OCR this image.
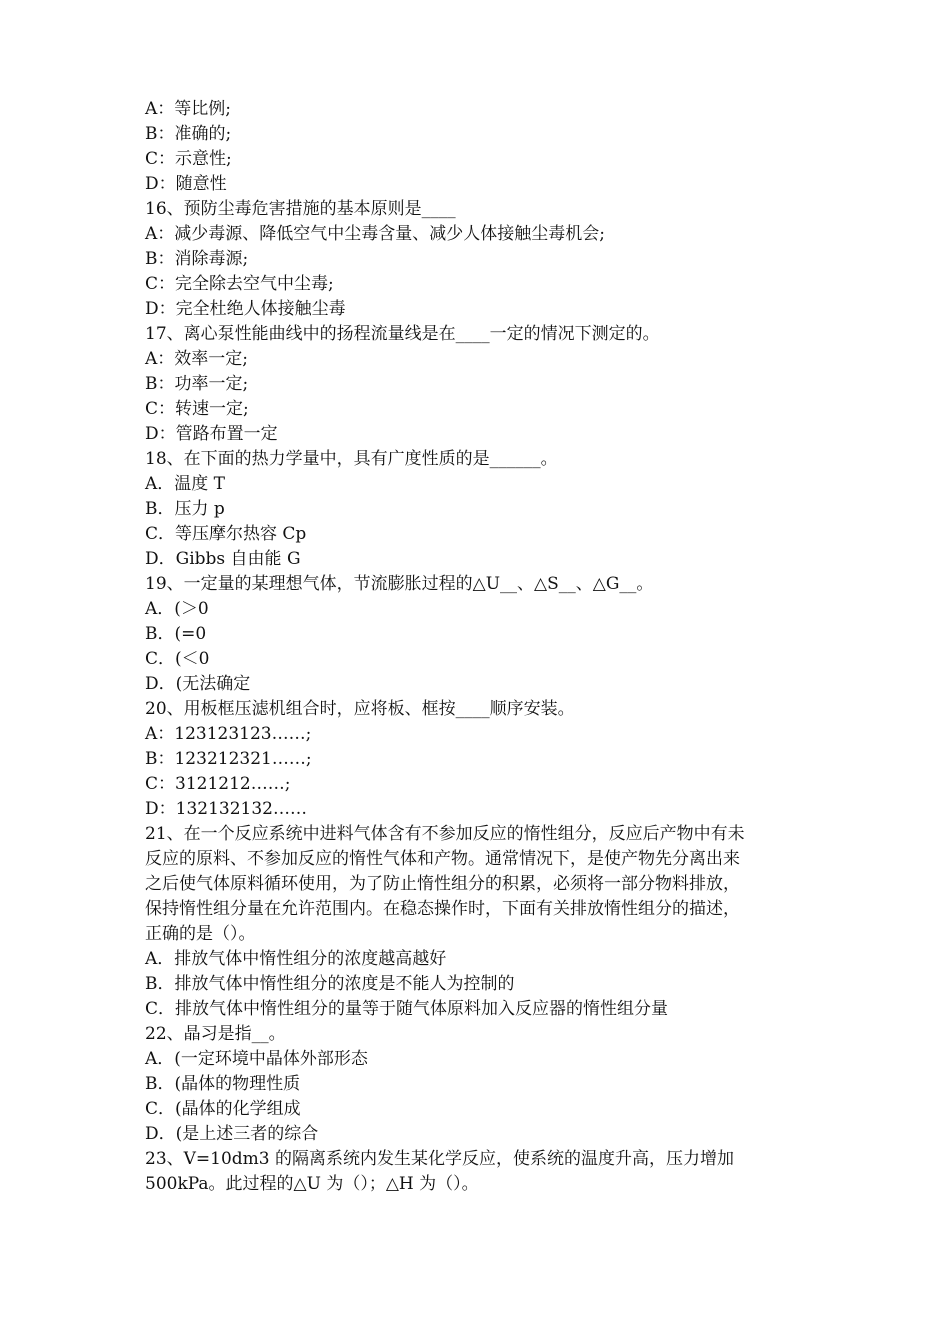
A：等比例;
B：准确的;
C：示意性;
D：随意性
16、预防尘毒危害措施的基本原则是____
A：减少毒源、降低空气中尘毒含量、减少人体接触尘毒机会;
B：消除毒源;
C：完全除去空气中尘毒;
D：完全杜绝人体接触尘毒
17、离心泵性能曲线中的扬程流量线是在____一定的情况下测定的。
A：效率一定;
B：功率一定;
C：转速一定;
D：管路布置一定
18、在下面的热力学量中，具有广度性质的是______。
A．温度 T
B．压力 p
C．等压摩尔热容 Cp
D．Gibbs 自由能 G
19、一定量的某理想气体，节流膨胀过程的△U__、△S__、△G__。
A．(＞0
B．(=0
C．(＜0
D．(无法确定
20、用板框压滤机组合时，应将板、框按____顺序安装。
A：123123123……;
B：123212321……;
C：3121212……;
D：132132132……
21、在一个反应系统中进料气体含有不参加反应的惰性组分，反应后产物中有未
反应的原料、不参加反应的惰性气体和产物。通常情况下，是使产物先分离出来
之后使气体原料循环使用，为了防止惰性组分的积累，必须将一部分物料排放，
保持惰性组分量在允许范围内。在稳态操作时，下面有关排放惰性组分的描述，
正确的是（）。
A．排放气体中惰性组分的浓度越高越好
B．排放气体中惰性组分的浓度是不能人为控制的
C．排放气体中惰性组分的量等于随气体原料加入反应器的惰性组分量
22、晶习是指__。
A．(一定环境中晶体外部形态
B．(晶体的物理性质
C．(晶体的化学组成
D．(是上述三者的综合
23、V=10dm3 的隔离系统内发生某化学反应，使系统的温度升高，压力增加
500kPa。此过程的△U 为（）；△H 为（）。
